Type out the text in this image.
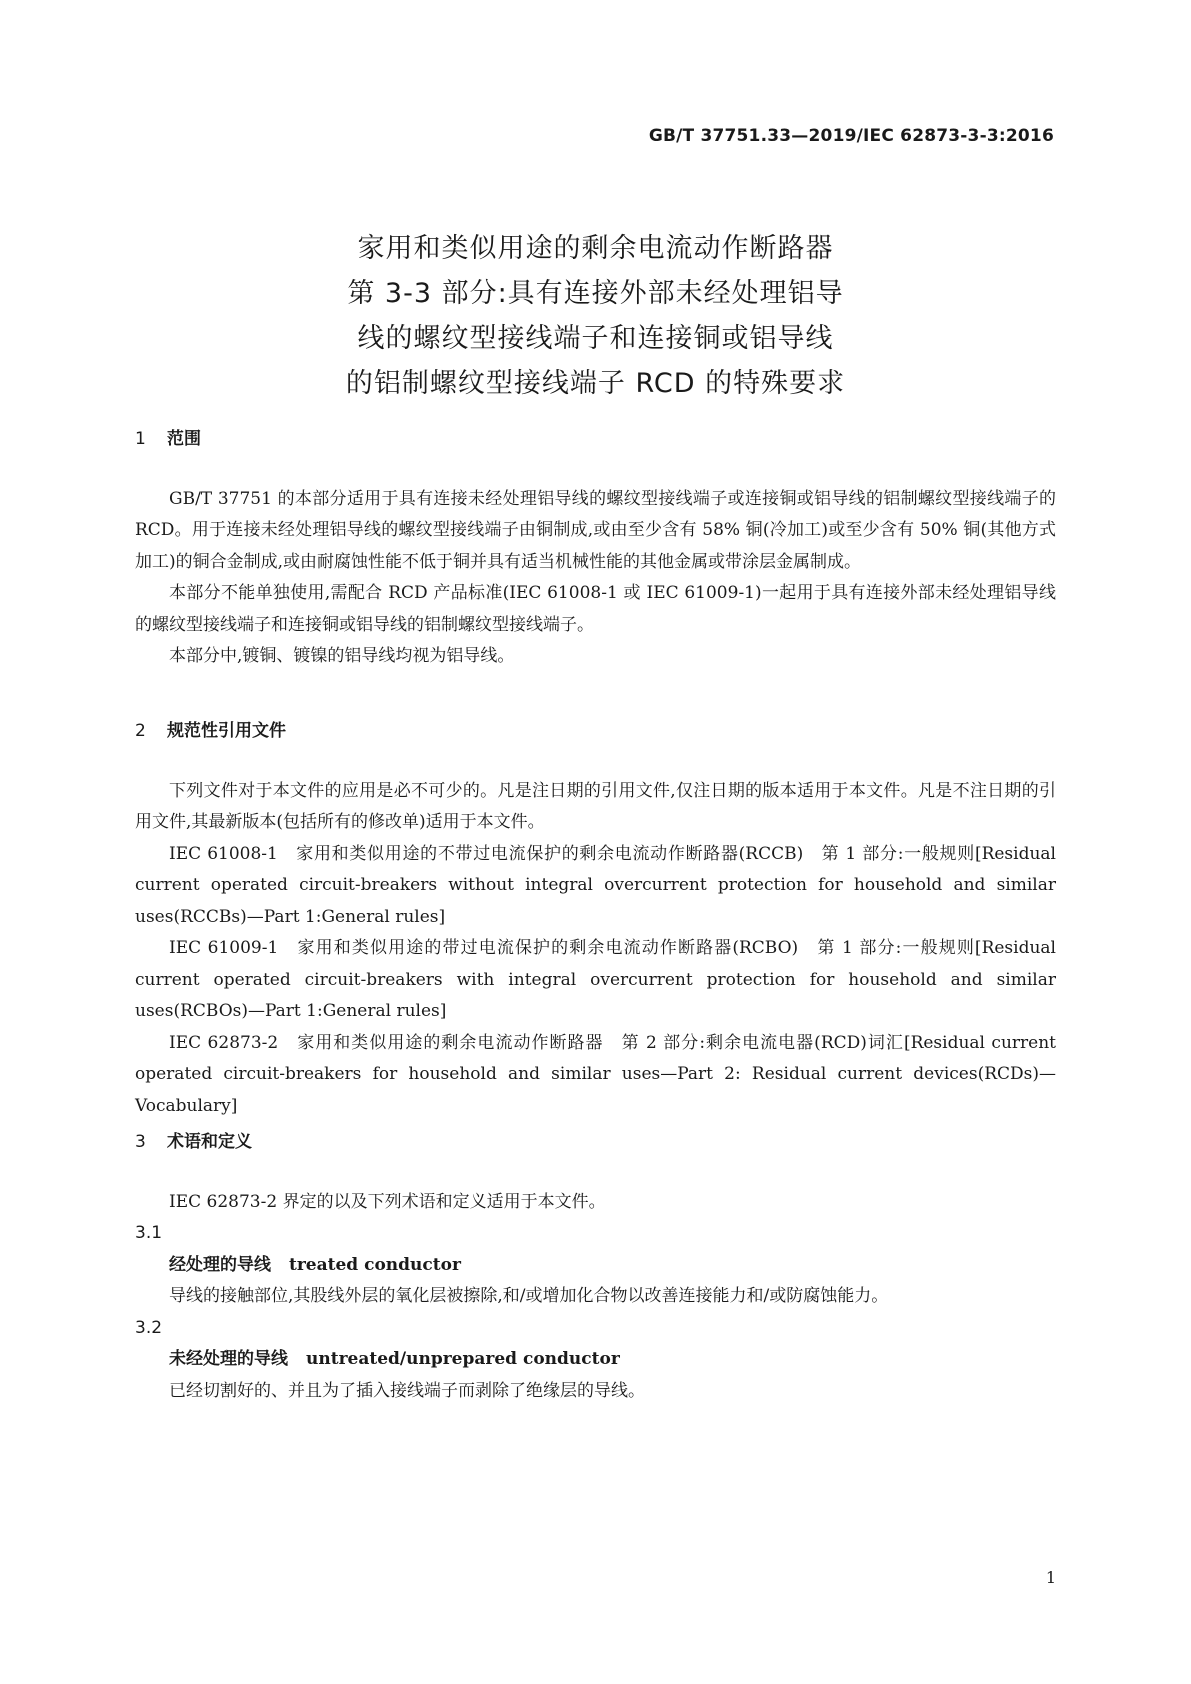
GB/T 37751.33—2019/IEC 62873-3-3:2016
家用和类似用途的剩余电流动作断路器
第 3-3 部分:具有连接外部未经处理铝导
线的螺纹型接线端子和连接铜或铝导线
的铝制螺纹型接线端子 RCD 的特殊要求
1 范围

GB/T 37751 的本部分适用于具有连接未经处理铝导线的螺纹型接线端子或连接铜或铝导线的铝制螺纹型接线端子的 RCD。用于连接未经处理铝导线的螺纹型接线端子由铜制成,或由至少含有 58% 铜(冷加工)或至少含有 50% 铜(其他方式加工)的铜合金制成,或由耐腐蚀性能不低于铜并具有适当机械性能的其他金属或带涂层金属制成。

本部分不能单独使用,需配合 RCD 产品标准(IEC 61008-1 或 IEC 61009-1)一起用于具有连接外部未经处理铝导线的螺纹型接线端子和连接铜或铝导线的铝制螺纹型接线端子。

本部分中,镀铜、镀镍的铝导线均视为铝导线。

2 规范性引用文件

下列文件对于本文件的应用是必不可少的。凡是注日期的引用文件,仅注日期的版本适用于本文件。凡是不注日期的引用文件,其最新版本(包括所有的修改单)适用于本文件。

IEC 61008-1　家用和类似用途的不带过电流保护的剩余电流动作断路器(RCCB)　第 1 部分:一般规则[Residual current operated circuit-breakers without integral overcurrent protection for household and similar uses(RCCBs)—Part 1:General rules]

IEC 61009-1　家用和类似用途的带过电流保护的剩余电流动作断路器(RCBO)　第 1 部分:一般规则[Residual current operated circuit-breakers with integral overcurrent protection for household and similar uses(RCBOs)—Part 1:General rules]

IEC 62873-2　家用和类似用途的剩余电流动作断路器　第 2 部分:剩余电流电器(RCD)词汇[Residual current operated circuit-breakers for household and similar uses—Part 2: Residual current devices(RCDs)—Vocabulary]

3 术语和定义

IEC 62873-2 界定的以及下列术语和定义适用于本文件。

3.1
经处理的导线 treated conductor

导线的接触部位,其股线外层的氧化层被擦除,和/或增加化合物以改善连接能力和/或防腐蚀能力。

3.2
未经处理的导线 untreated/unprepared conductor

已经切割好的、并且为了插入接线端子而剥除了绝缘层的导线。

1
